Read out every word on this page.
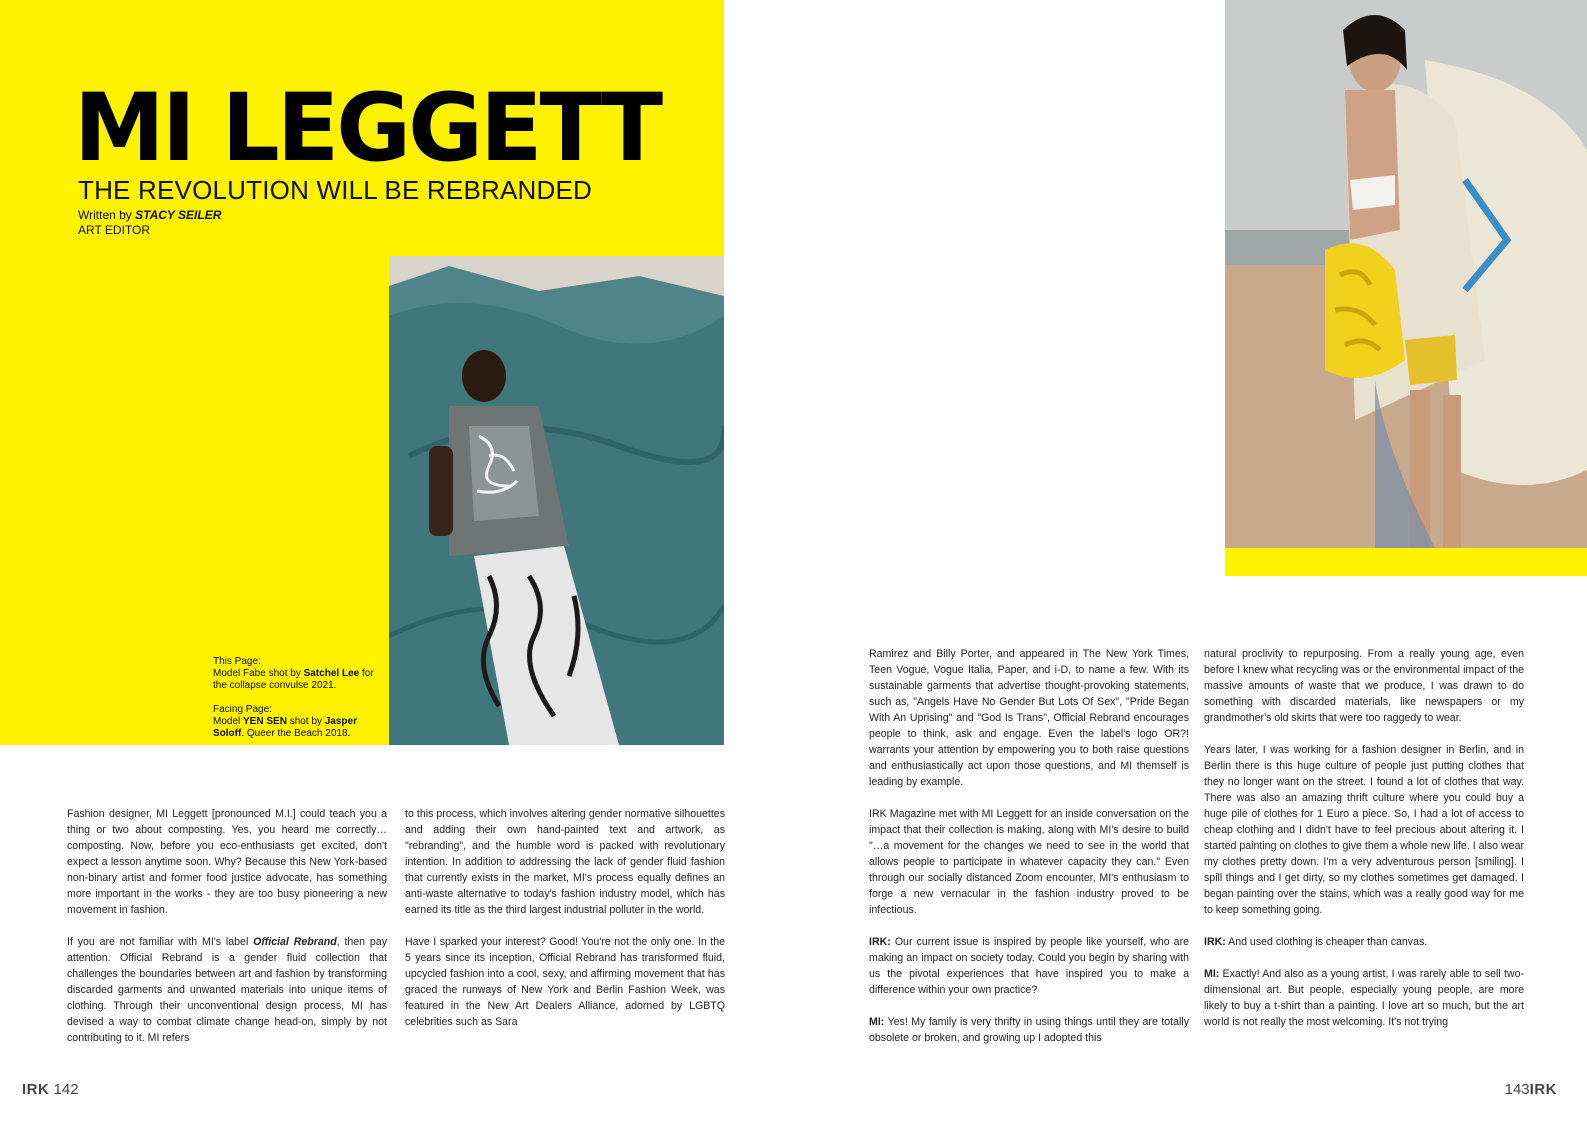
MI LEGGETT
THE REVOLUTION WILL BE REBRANDED
Written by STACY SEILER
ART EDITOR

This Page:
Model Fabe shot by Satchel Lee for the collapse convulse 2021.

Facing Page:
Model YEN SEN shot by Jasper Soloff. Queer the Beach 2018.

Fashion designer, MI Leggett [pronounced M.I.] could teach you a thing or two about composting. Yes, you heard me correctly… composting. Now, before you eco-enthusiasts get excited, don't expect a lesson anytime soon. Why? Because this New York-based non-binary artist and former food justice advocate, has something more important in the works - they are too busy pioneering a new movement in fashion.

If you are not familiar with MI's label Official Rebrand, then pay attention. Official Rebrand is a gender fluid collection that challenges the boundaries between art and fashion by transforming discarded garments and unwanted materials into unique items of clothing. Through their unconventional design process, MI has devised a way to combat climate change head-on, simply by not contributing to it. MI refers

to this process, which involves altering gender normative silhouettes and adding their own hand-painted text and artwork, as "rebranding", and the humble word is packed with revolutionary intention. In addition to addressing the lack of gender fluid fashion that currently exists in the market, MI's process equally defines an anti-waste alternative to today's fashion industry model, which has earned its title as the third largest industrial polluter in the world.

Have I sparked your interest? Good! You're not the only one. In the 5 years since its inception, Official Rebrand has transformed fluid, upcycled fashion into a cool, sexy, and affirming movement that has graced the runways of New York and Berlin Fashion Week, was featured in the New Art Dealers Alliance, adorned by LGBTQ celebrities such as Sara

Ramirez and Billy Porter, and appeared in The New York Times, Teen Vogue, Vogue Italia, Paper, and i-D, to name a few. With its sustainable garments that advertise thought-provoking statements, such as, "Angels Have No Gender But Lots Of Sex", "Pride Began With An Uprising" and "God Is Trans", Official Rebrand encourages people to think, ask and engage. Even the label's logo OR?! warrants your attention by empowering you to both raise questions and enthusiastically act upon those questions, and MI themself is leading by example.

IRK Magazine met with MI Leggett for an inside conversation on the impact that their collection is making, along with MI's desire to build "…a movement for the changes we need to see in the world that allows people to participate in whatever capacity they can." Even through our socially distanced Zoom encounter, MI's enthusiasm to forge a new vernacular in the fashion industry proved to be infectious.

IRK: Our current issue is inspired by people like yourself, who are making an impact on society today. Could you begin by sharing with us the pivotal experiences that have inspired you to make a difference within your own practice?

MI: Yes! My family is very thrifty in using things until they are totally obsolete or broken, and growing up I adopted this

natural proclivity to repurposing. From a really young age, even before I knew what recycling was or the environmental impact of the massive amounts of waste that we produce, I was drawn to do something with discarded materials, like newspapers or my grandmother's old skirts that were too raggedy to wear.

Years later, I was working for a fashion designer in Berlin, and in Berlin there is this huge culture of people just putting clothes that they no longer want on the street. I found a lot of clothes that way. There was also an amazing thrift culture where you could buy a huge pile of clothes for 1 Euro a piece. So, I had a lot of access to cheap clothing and I didn't have to feel precious about altering it. I started painting on clothes to give them a whole new life. I also wear my clothes pretty down. I'm a very adventurous person [smiling]. I spill things and I get dirty, so my clothes sometimes get damaged. I began painting over the stains, which was a really good way for me to keep something going.

IRK: And used clothing is cheaper than canvas.

MI: Exactly! And also as a young artist, I was rarely able to sell two-dimensional art. But people, especially young people, are more likely to buy a t-shirt than a painting. I love art so much, but the art world is not really the most welcoming. It's not trying

IRK 142	143IRK
